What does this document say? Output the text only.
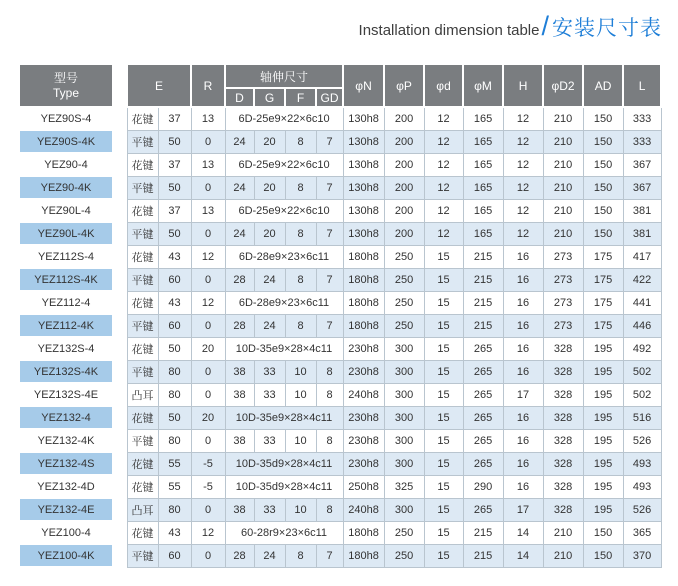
Installation dimension table / 安装尺寸表
型号
Type		E		R	轴伸尺寸				φN	φP	φd	φM	H	φD2	AD	L
					D	G	F	GD								
YEZ90S-4		花键	37	13	6D-25e9×22×6c10				130h8	200	12	165	12	210	150	333
YEZ90S-4K		平键	50	0	24	20	8	7	130h8	200	12	165	12	210	150	333
YEZ90-4		花键	37	13	6D-25e9×22×6c10				130h8	200	12	165	12	210	150	367
YEZ90-4K		平键	50	0	24	20	8	7	130h8	200	12	165	12	210	150	367
YEZ90L-4		花键	37	13	6D-25e9×22×6c10				130h8	200	12	165	12	210	150	381
YEZ90L-4K		平键	50	0	24	20	8	7	130h8	200	12	165	12	210	150	381
YEZ112S-4		花键	43	12	6D-28e9×23×6c11				180h8	250	15	215	16	273	175	417
YEZ112S-4K		平键	60	0	28	24	8	7	180h8	250	15	215	16	273	175	422
YEZ112-4		花键	43	12	6D-28e9×23×6c11				180h8	250	15	215	16	273	175	441
YEZ112-4K		平键	60	0	28	24	8	7	180h8	250	15	215	16	273	175	446
YEZ132S-4		花键	50	20	10D-35e9×28×4c11				230h8	300	15	265	16	328	195	492
YEZ132S-4K		平键	80	0	38	33	10	8	230h8	300	15	265	16	328	195	502
YEZ132S-4E		凸耳	80	0	38	33	10	8	240h8	300	15	265	17	328	195	502
YEZ132-4		花键	50	20	10D-35e9×28×4c11				230h8	300	15	265	16	328	195	516
YEZ132-4K		平键	80	0	38	33	10	8	230h8	300	15	265	16	328	195	526
YEZ132-4S		花键	55	-5	10D-35d9×28×4c11				230h8	300	15	265	16	328	195	493
YEZ132-4D		花键	55	-5	10D-35d9×28×4c11				250h8	325	15	290	16	328	195	493
YEZ132-4E		凸耳	80	0	38	33	10	8	240h8	300	15	265	17	328	195	526
YEZ100-4		花键	43	12	60-28r9×23×6c11				180h8	250	15	215	14	210	150	365
YEZ100-4K		平键	60	0	28	24	8	7	180h8	250	15	215	14	210	150	370
